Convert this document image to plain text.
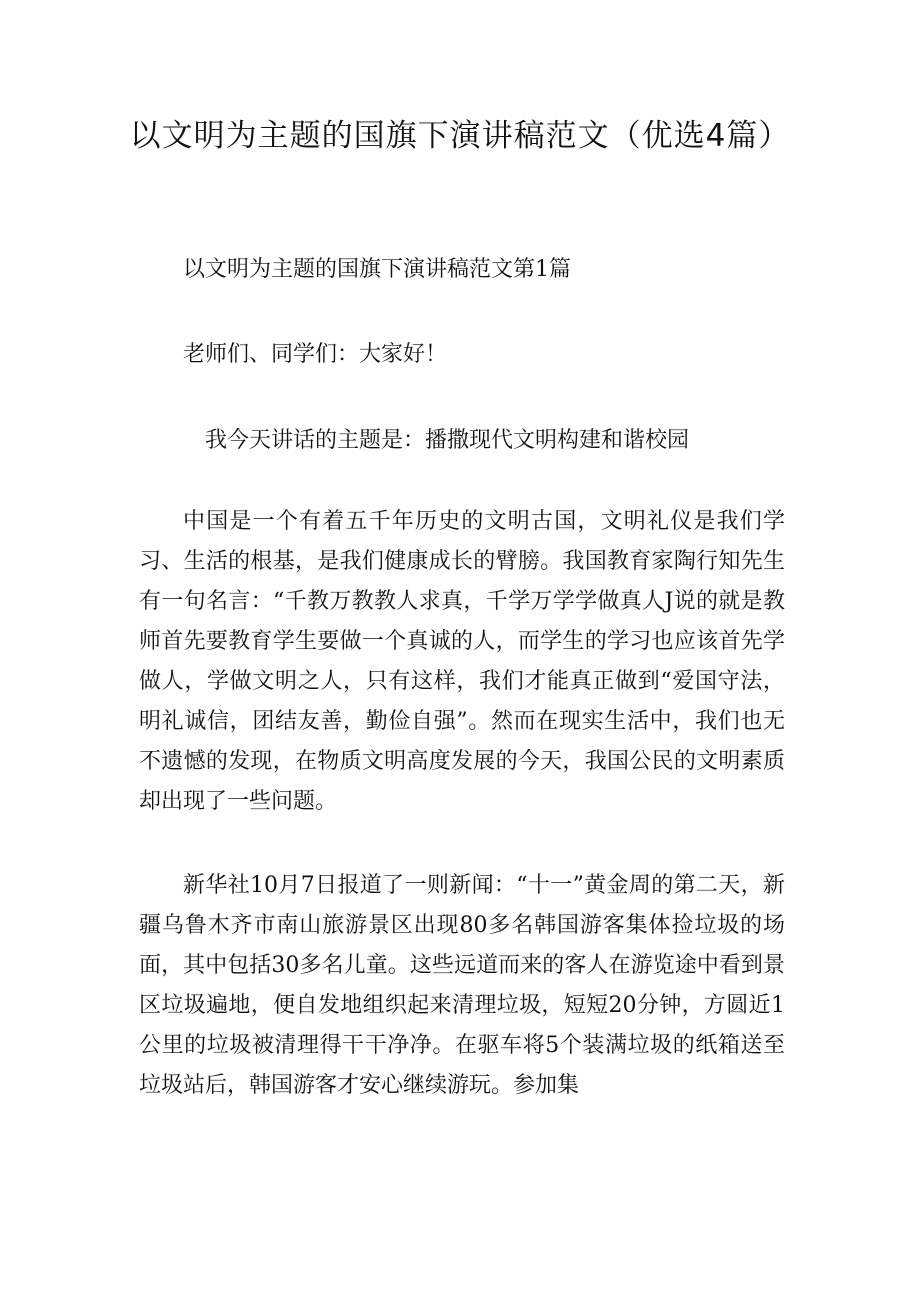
以文明为主题的国旗下演讲稿范文（优选4篇）

以文明为主题的国旗下演讲稿范文第1篇

老师们、同学们：大家好！

我今天讲话的主题是：播撒现代文明构建和谐校园

中国是一个有着五千年历史的文明古国，文明礼仪是我们学习、生活的根基，是我们健康成长的臂膀。我国教育家陶行知先生有一句名言：“千教万教教人求真，千学万学学做真人J说的就是教师首先要教育学生要做一个真诚的人，而学生的学习也应该首先学做人，学做文明之人，只有这样，我们才能真正做到“爱国守法，明礼诚信，团结友善，勤俭自强”。然而在现实生活中，我们也无不遗憾的发现，在物质文明高度发展的今天，我国公民的文明素质却出现了一些问题。

新华社10月7日报道了一则新闻：“十一”黄金周的第二天，新疆乌鲁木齐市南山旅游景区出现80多名韩国游客集体捡垃圾的场面，其中包括30多名儿童。这些远道而来的客人在游览途中看到景区垃圾遍地，便自发地组织起来清理垃圾，短短20分钟，方圆近1公里的垃圾被清理得干干净净。在驱车将5个装满垃圾的纸箱送至垃圾站后，韩国游客才安心继续游玩。参加集
